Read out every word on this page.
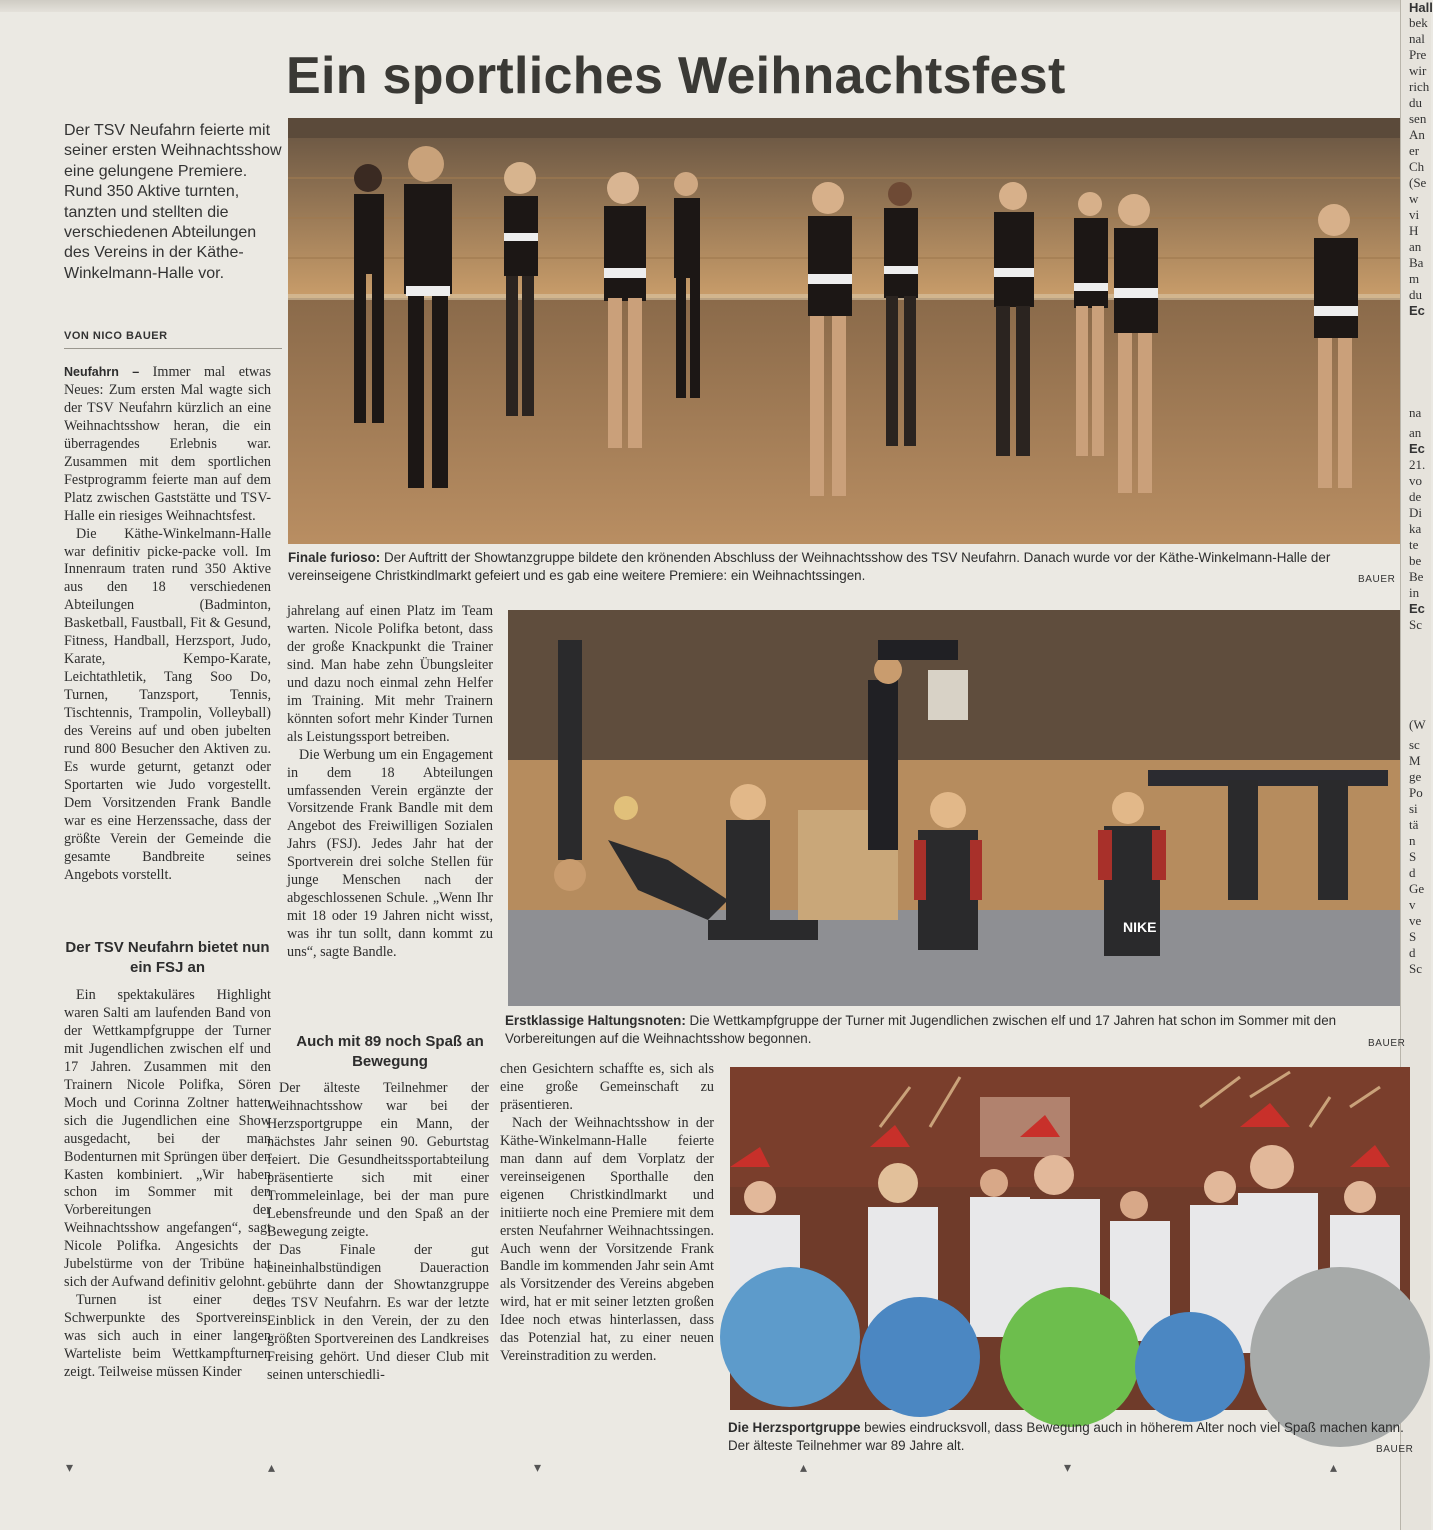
Hall
bek
nal
Pre
wir
rich
du
sen
An
er
Ch
(Se
w
vi
H
an
Ba
m
du
Ec
na
an
Ec
21.
vo
de
Di
ka
te
be
Be
in
Ec
Sc
(W
sc
M
ge
Po
si
tä
n
S
d
Ge
v
ve
S
d
Sc
Ein sportliches Weihnachtsfest
Der TSV Neufahrn feierte mit seiner ersten Weihnachtsshow eine gelungene Premiere. Rund 350 Aktive turnten, tanzten und stellten die verschiedenen Abteilungen des Vereins in der Käthe-Winkelmann-Halle vor.
VON NICO BAUER

Neufahrn – Immer mal etwas Neues: Zum ersten Mal wagte sich der TSV Neufahrn kürzlich an eine Weihnachtsshow heran, die ein überragendes Erlebnis war. Zusammen mit dem sportlichen Festprogramm feierte man auf dem Platz zwischen Gaststätte und TSV-Halle ein riesiges Weihnachtsfest.

Die Käthe-Winkelmann-Halle war definitiv picke-packe voll. Im Innenraum traten rund 350 Aktive aus den 18 verschiedenen Abteilungen (Badminton, Basketball, Faustball, Fit & Gesund, Fitness, Handball, Herzsport, Judo, Karate, Kempo-Karate, Leichtathletik, Tang Soo Do, Turnen, Tanzsport, Tennis, Tischtennis, Trampolin, Volleyball) des Vereins auf und oben jubelten rund 800 Besucher den Aktiven zu. Es wurde geturnt, getanzt oder Sportarten wie Judo vorgestellt. Dem Vorsitzenden Frank Bandle war es eine Herzenssache, dass der größte Verein der Gemeinde die gesamte Bandbreite seines Angebots vorstellt.

Der TSV Neufahrn bietet nun ein FSJ an

Ein spektakuläres Highlight waren Salti am laufenden Band von der Wettkampfgruppe der Turner mit Jugendlichen zwischen elf und 17 Jahren. Zusammen mit den Trainern Nicole Polifka, Sören Moch und Corinna Zoltner hatten sich die Jugendlichen eine Show ausgedacht, bei der man Bodenturnen mit Sprüngen über den Kasten kombiniert. „Wir haben schon im Sommer mit den Vorbereitungen der Weihnachtsshow angefangen“, sagt Nicole Polifka. Angesichts der Jubelstürme von der Tribüne hat sich der Aufwand definitiv gelohnt.

Turnen ist einer der Schwerpunkte des Sportvereins, was sich auch in einer langen Warteliste beim Wettkampfturnen zeigt. Teilweise müssen Kinder

jahrelang auf einen Platz im Team warten. Nicole Polifka betont, dass der große Knackpunkt die Trainer sind. Man habe zehn Übungsleiter und dazu noch einmal zehn Helfer im Training. Mit mehr Trainern könnten sofort mehr Kinder Turnen als Leistungssport betreiben.

Die Werbung um ein Engagement in dem 18 Abteilungen umfassenden Verein ergänzte der Vorsitzende Frank Bandle mit dem Angebot des Freiwilligen Sozialen Jahrs (FSJ). Jedes Jahr hat der Sportverein drei solche Stellen für junge Menschen nach der abgeschlossenen Schule. „Wenn Ihr mit 18 oder 19 Jahren nicht wisst, was ihr tun sollt, dann kommt zu uns“, sagte Bandle.

Auch mit 89 noch Spaß an Bewegung

Der älteste Teilnehmer der Weihnachtsshow war bei der Herzsportgruppe ein Mann, der nächstes Jahr seinen 90. Geburtstag feiert. Die Gesundheitssportabteilung präsentierte sich mit einer Trommeleinlage, bei der man pure Lebensfreunde und den Spaß an der Bewegung zeigte.

Das Finale der gut eineinhalbstündigen Daueraction gebührte dann der Showtanzgruppe des TSV Neufahrn. Es war der letzte Einblick in den Verein, der zu den größten Sportvereinen des Landkreises Freising gehört. Und dieser Club mit seinen unterschiedli-

chen Gesichtern schaffte es, sich als eine große Gemeinschaft zu präsentieren.

Nach der Weihnachtsshow in der Käthe-Winkelmann-Halle feierte man dann auf dem Vorplatz der vereinseigenen Sporthalle den eigenen Christkindlmarkt und initiierte noch eine Premiere mit dem ersten Neufahrner Weihnachtssingen. Auch wenn der Vorsitzende Frank Bandle im kommenden Jahr sein Amt als Vorsitzender des Vereins abgeben wird, hat er mit seiner letzten großen Idee noch etwas hinterlassen, dass das Potenzial hat, zu einer neuen Vereinstradition zu werden.

Finale furioso: Der Auftritt der Showtanzgruppe bildete den krönenden Abschluss der Weihnachtsshow des TSV Neufahrn. Danach wurde vor der Käthe-Winkelmann-Halle der vereinseigene Christkindlmarkt gefeiert und es gab eine weitere Premiere: ein Weihnachtssingen.	BAUER
NIKE
Erstklassige Haltungsnoten: Die Wettkampfgruppe der Turner mit Jugendlichen zwischen elf und 17 Jahren hat schon im Sommer mit den Vorbereitungen auf die Weihnachtsshow begonnen.	BAUER
Die Herzsportgruppe bewies eindrucksvoll, dass Bewegung auch in höherem Alter noch viel Spaß machen kann. Der älteste Teilnehmer war 89 Jahre alt.	BAUER
▾	▴	▾	▴	▾	▴
